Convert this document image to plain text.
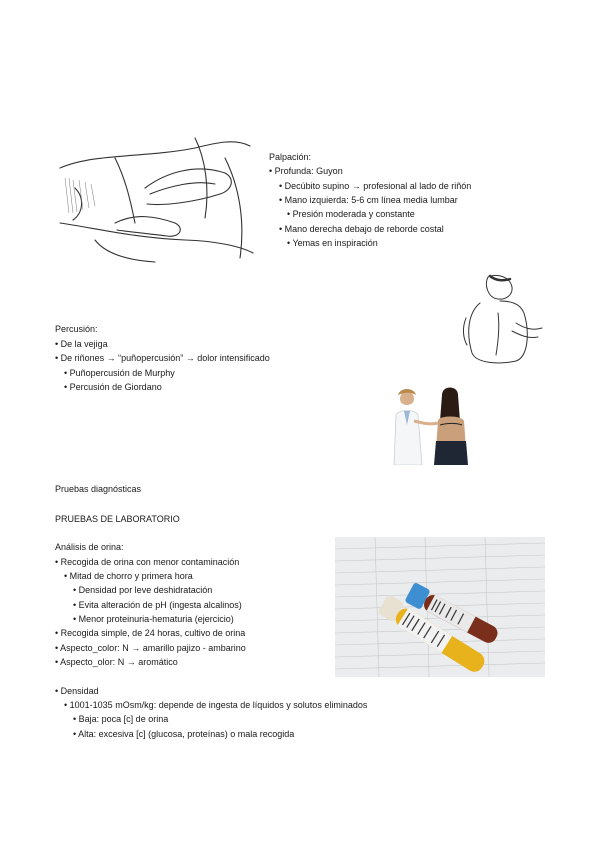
Palpación:
• Profunda: Guyon
• Decúbito supino → profesional al lado de riñón
• Mano izquierda: 5-6 cm línea media lumbar
• Presión moderada y constante
• Mano derecha debajo de reborde costal
• Yemas en inspiración
Percusión:
• De la vejiga
• De riñones → “puñopercusión” → dolor intensificado
• Puñopercusión de Murphy
• Percusión de Giordano
Pruebas diagnósticas
PRUEBAS DE LABORATORIO
Análisis de orina:
• Recogida de orina con menor contaminación
• Mitad de chorro y primera hora
• Densidad por leve deshidratación
• Evita alteración de pH (ingesta alcalinos)
• Menor proteinuria-hematuria (ejercicio)
• Recogida simple, de 24 horas, cultivo de orina
• Aspecto_color: N → amarillo pajizo - ambarino
• Aspecto_olor: N → aromático
• Densidad
• 1001-1035 mOsm/kg: depende de ingesta de líquidos y solutos eliminados
• Baja: poca [c] de orina
• Alta: excesiva [c] (glucosa, proteínas) o mala recogida
